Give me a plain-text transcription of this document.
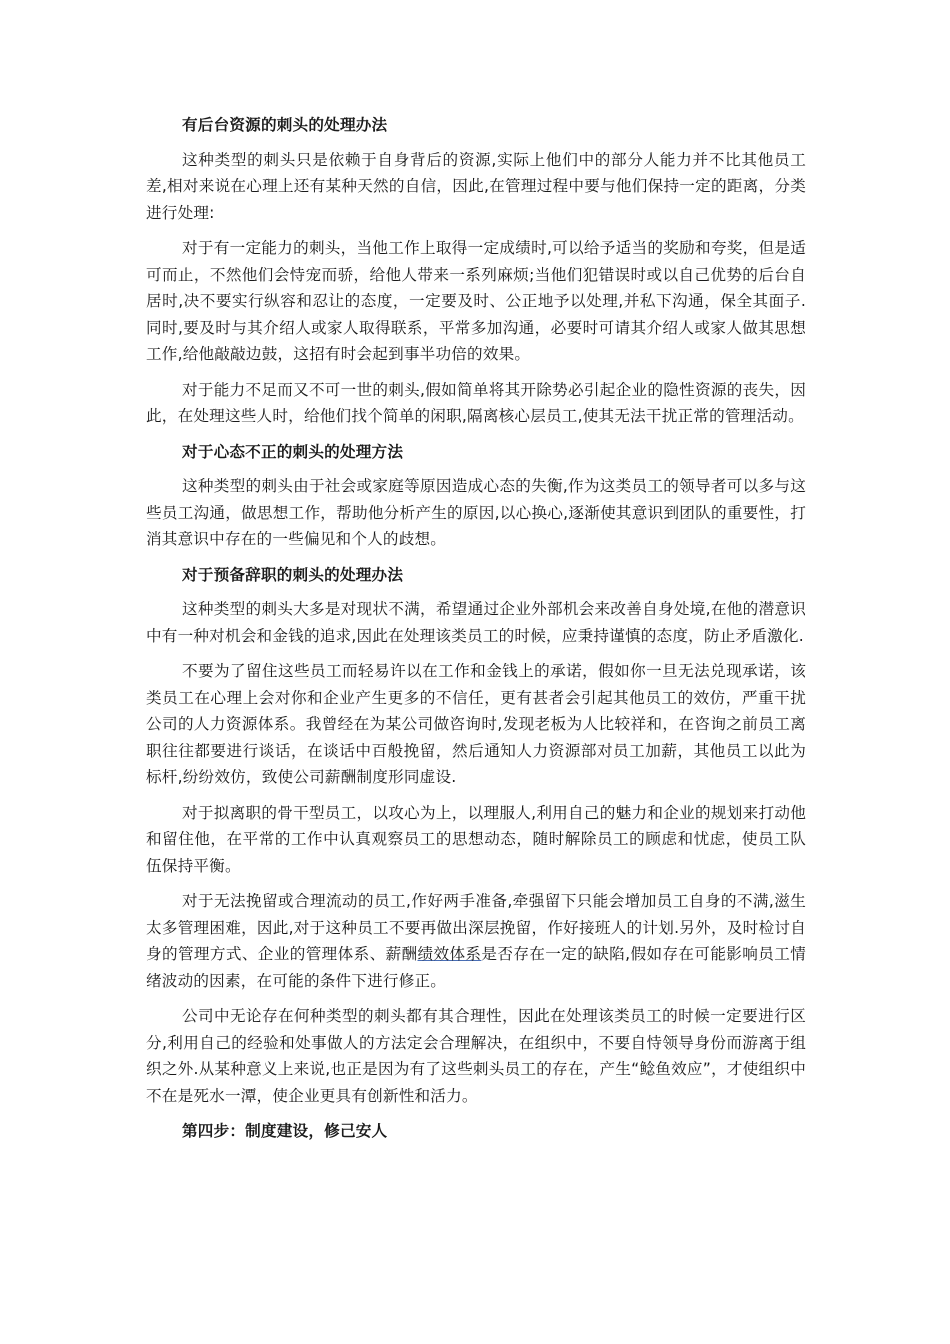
有后台资源的刺头的处理办法

这种类型的刺头只是依赖于自身背后的资源,实际上他们中的部分人能力并不比其他员工差,相对来说在心理上还有某种天然的自信，因此,在管理过程中要与他们保持一定的距离，分类进行处理:

对于有一定能力的刺头，当他工作上取得一定成绩时,可以给予适当的奖励和夸奖，但是适可而止，不然他们会恃宠而骄，给他人带来一系列麻烦;当他们犯错误时或以自己优势的后台自居时,决不要实行纵容和忍让的态度，一定要及时、公正地予以处理,并私下沟通，保全其面子.同时,要及时与其介绍人或家人取得联系，平常多加沟通，必要时可请其介绍人或家人做其思想工作,给他敲敲边鼓，这招有时会起到事半功倍的效果。

对于能力不足而又不可一世的刺头,假如简单将其开除势必引起企业的隐性资源的丧失，因此，在处理这些人时，给他们找个简单的闲职,隔离核心层员工,使其无法干扰正常的管理活动。

对于心态不正的刺头的处理方法

这种类型的刺头由于社会或家庭等原因造成心态的失衡,作为这类员工的领导者可以多与这些员工沟通，做思想工作，帮助他分析产生的原因,以心换心,逐渐使其意识到团队的重要性，打消其意识中存在的一些偏见和个人的歧想。

对于预备辞职的刺头的处理办法

这种类型的刺头大多是对现状不满，希望通过企业外部机会来改善自身处境,在他的潜意识中有一种对机会和金钱的追求,因此在处理该类员工的时候，应秉持谨慎的态度，防止矛盾激化.

不要为了留住这些员工而轻易许以在工作和金钱上的承诺，假如你一旦无法兑现承诺，该类员工在心理上会对你和企业产生更多的不信任，更有甚者会引起其他员工的效仿，严重干扰公司的人力资源体系。我曾经在为某公司做咨询时,发现老板为人比较祥和，在咨询之前员工离职往往都要进行谈话，在谈话中百般挽留，然后通知人力资源部对员工加薪，其他员工以此为标杆,纷纷效仿，致使公司薪酬制度形同虚设.

对于拟离职的骨干型员工，以攻心为上，以理服人,利用自己的魅力和企业的规划来打动他和留住他，在平常的工作中认真观察员工的思想动态，随时解除员工的顾虑和忧虑，使员工队伍保持平衡。

对于无法挽留或合理流动的员工,作好两手准备,牵强留下只能会增加员工自身的不满,滋生太多管理困难，因此,对于这种员工不要再做出深层挽留，作好接班人的计划.另外，及时检讨自身的管理方式、企业的管理体系、薪酬绩效体系是否存在一定的缺陷,假如存在可能影响员工情绪波动的因素，在可能的条件下进行修正。

公司中无论存在何种类型的刺头都有其合理性，因此在处理该类员工的时候一定要进行区分,利用自己的经验和处事做人的方法定会合理解决，在组织中，不要自恃领导身份而游离于组织之外.从某种意义上来说,也正是因为有了这些刺头员工的存在，产生“鲶鱼效应”，才使组织中不在是死水一潭，使企业更具有创新性和活力。

第四步：制度建设，修己安人
